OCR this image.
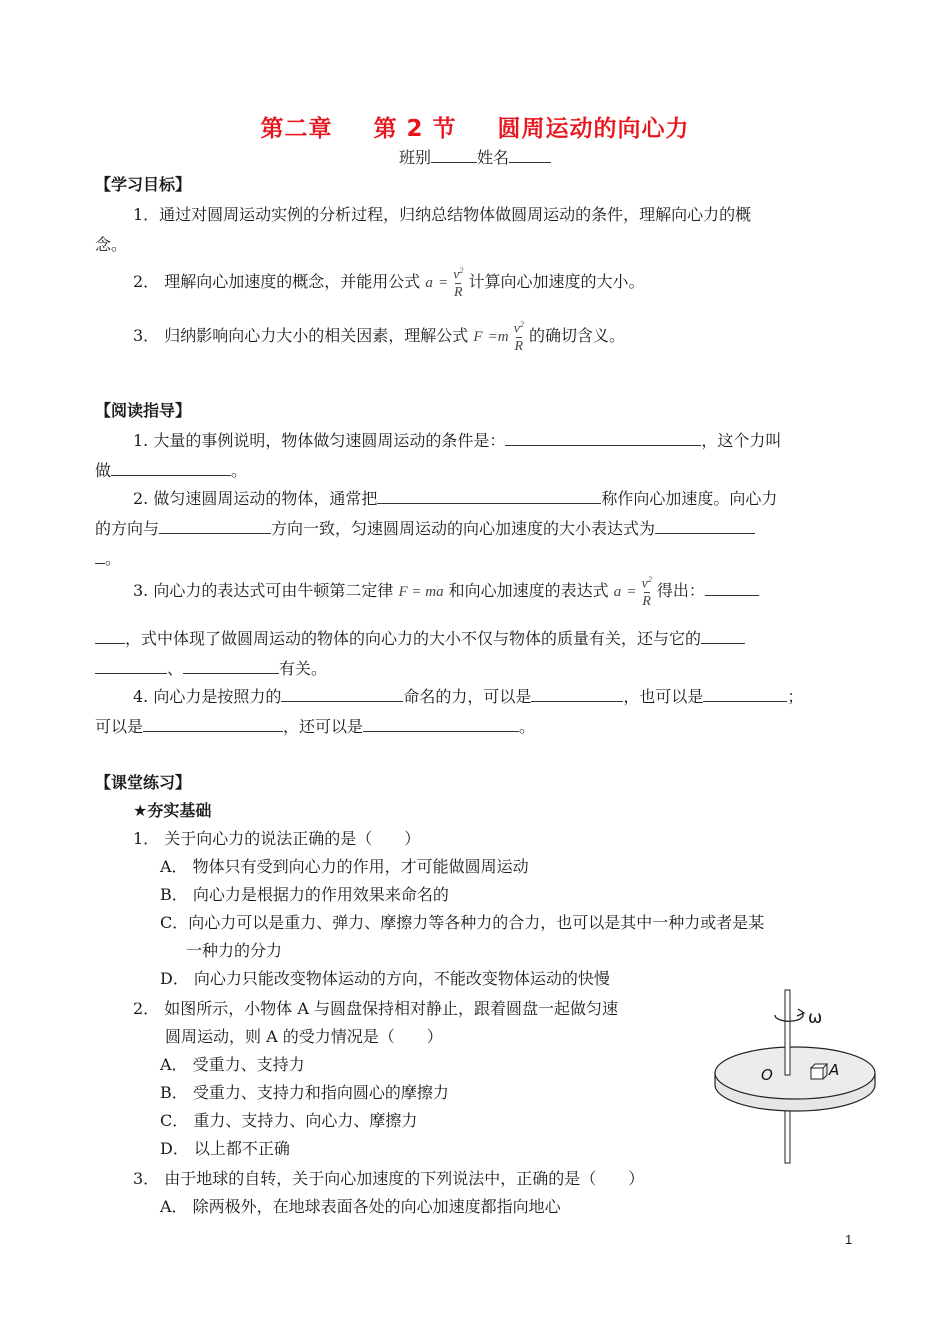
第二章 第 2 节 圆周运动的向心力
班别	姓名
【学习目标】
1．通过对圆周运动实例的分析过程，归纳总结物体做圆周运动的条件，理解向心力的概
念。
2． 理解向心加速度的概念，并能用公式 $a = \frac{v^2}{R}$ 计算向心加速度的大小。
3． 归纳影响向心力大小的相关因素，理解公式 $F =m \frac{v^2}{R}$ 的确切含义。
【阅读指导】
1. 大量的事例说明，物体做匀速圆周运动的条件是：	，这个力叫
做	。
2. 做匀速圆周运动的物体，通常把	称作向心加速度。向心力
的方向与	方向一致，匀速圆周运动的向心加速度的大小表达式为
。
3. 向心力的表达式可由牛顿第二定律 F = ma 和向心加速度的表达式 $a = \frac{v^2}{R}$ 得出：
，式中体现了做圆周运动的物体的向心力的大小不仅与物体的质量有关，还与它的
、	有关。
4. 向心力是按照力的	命名的力，可以是	，也可以是	；
可以是	，还可以是	。
【课堂练习】
★夯实基础
1． 关于向心力的说法正确的是（　　）
A． 物体只有受到向心力的作用，才可能做圆周运动
B． 向心力是根据力的作用效果来命名的
C．向心力可以是重力、弹力、摩擦力等各种力的合力，也可以是其中一种力或者是某
一种力的分力
D． 向心力只能改变物体运动的方向，不能改变物体运动的快慢
2． 如图所示，小物体 A 与圆盘保持相对静止，跟着圆盘一起做匀速
圆周运动，则 A 的受力情况是（　　）
A． 受重力、支持力
B． 受重力、支持力和指向圆心的摩擦力
C． 重力、支持力、向心力、摩擦力
D． 以上都不正确
3． 由于地球的自转，关于向心加速度的下列说法中，正确的是（　　）
A． 除两极外，在地球表面各处的向心加速度都指向地心
ω
O	A
1
